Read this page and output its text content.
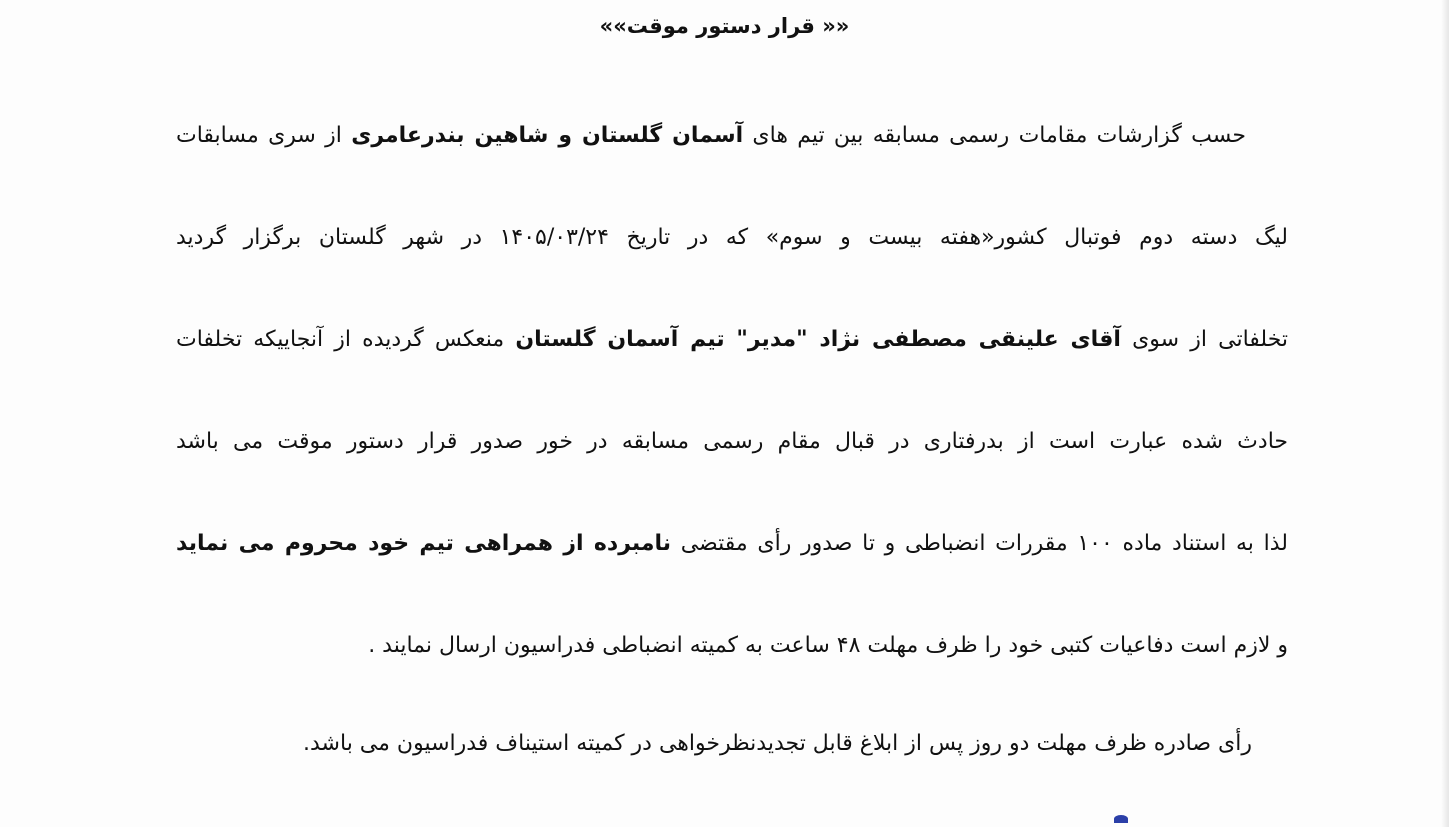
«« قرار دستور موقت»»
حسب گزارشات مقامات رسمی مسابقه بین تیم های آسمان گلستان و شاهین بندرعامری از سری مسابقات
لیگ دسته دوم فوتبال کشور«هفته بیست و سوم» که در تاریخ ۱۴۰۵/۰۳/۲۴ در شهر گلستان برگزار گردید
تخلفاتی از سوی آقای علینقی مصطفی نژاد "مدیر" تیم آسمان گلستان منعکس گردیده از آنجاییکه تخلفات
حادث شده عبارت است از بدرفتاری در قبال مقام رسمی مسابقه در خور صدور قرار دستور موقت می باشد
لذا به استناد ماده ۱۰۰ مقررات انضباطی و تا صدور رأی مقتضی نامبرده از همراهی تیم خود محروم می نماید
و لازم است دفاعیات کتبی خود را ظرف مهلت ۴۸ ساعت به کمیته انضباطی فدراسیون ارسال نمایند .
رأی صادره ظرف مهلت دو روز پس از ابلاغ قابل تجدیدنظرخواهی در کمیته استیناف فدراسیون می باشد.
